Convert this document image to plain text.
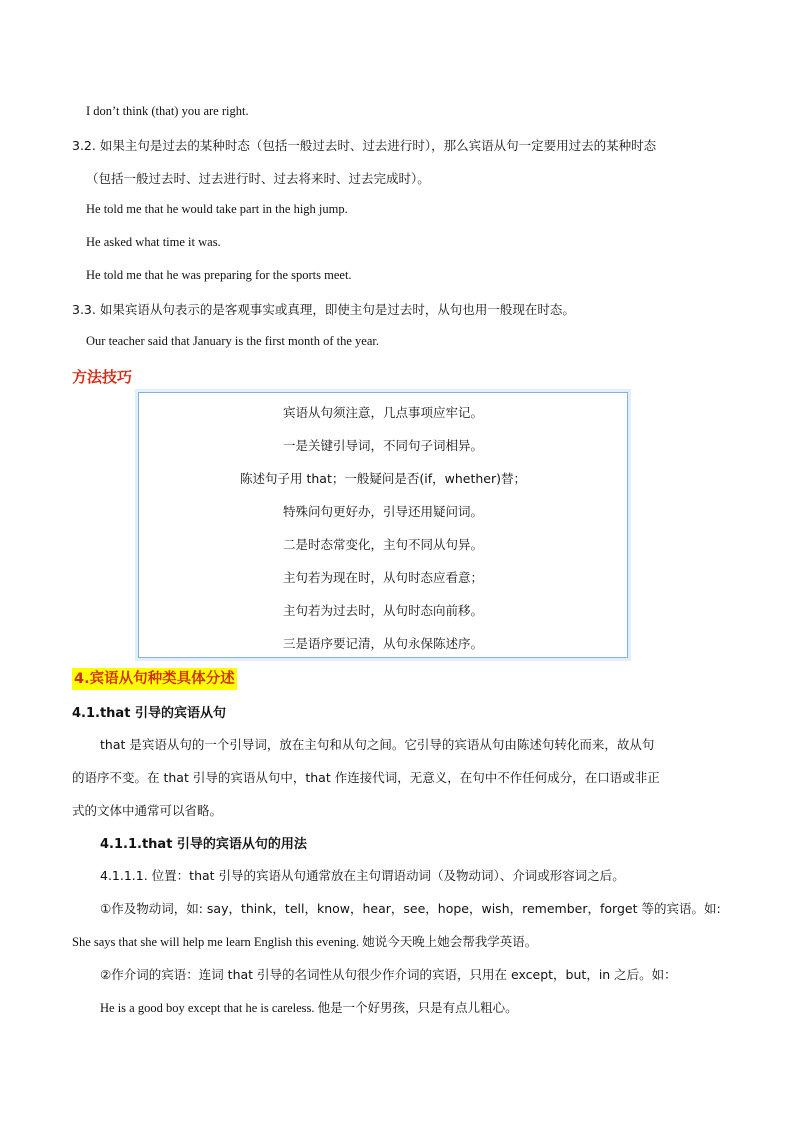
I don’t think (that) you are right.
3.2. 如果主句是过去的某种时态（包括一般过去时、过去进行时），那么宾语从句一定要用过去的某种时态
（包括一般过去时、过去进行时、过去将来时、过去完成时）。
He told me that he would take part in the high jump.
He asked what time it was.
He told me that he was preparing for the sports meet.
3.3. 如果宾语从句表示的是客观事实或真理，即使主句是过去时，从句也用一般现在时态。
Our teacher said that January is the first month of the year.
方法技巧
宾语从句须注意，几点事项应牢记。
一是关键引导词，不同句子词相异。
陈述句子用 that；一般疑问是否(if，whether)替；
特殊问句更好办，引导还用疑问词。
二是时态常变化，主句不同从句异。
主句若为现在时，从句时态应看意；
主句若为过去时，从句时态向前移。
三是语序要记清，从句永保陈述序。
4.宾语从句种类具体分述
4.1.that 引导的宾语从句
that 是宾语从句的一个引导词，放在主句和从句之间。它引导的宾语从句由陈述句转化而来，故从句
的语序不变。在 that 引导的宾语从句中，that 作连接代词，无意义，在句中不作任何成分，在口语或非正
式的文体中通常可以省略。
4.1.1.that 引导的宾语从句的用法
4.1.1.1. 位置：that 引导的宾语从句通常放在主句谓语动词（及物动词）、介词或形容词之后。
①作及物动词，如: say，think，tell，know，hear，see，hope，wish，remember，forget 等的宾语。如:
She says that she will help me learn English this evening. 她说今天晚上她会帮我学英语。
②作介词的宾语：连词 that 引导的名词性从句很少作介词的宾语，只用在 except，but，in 之后。如：
He is a good boy except that he is careless. 他是一个好男孩，只是有点儿粗心。
